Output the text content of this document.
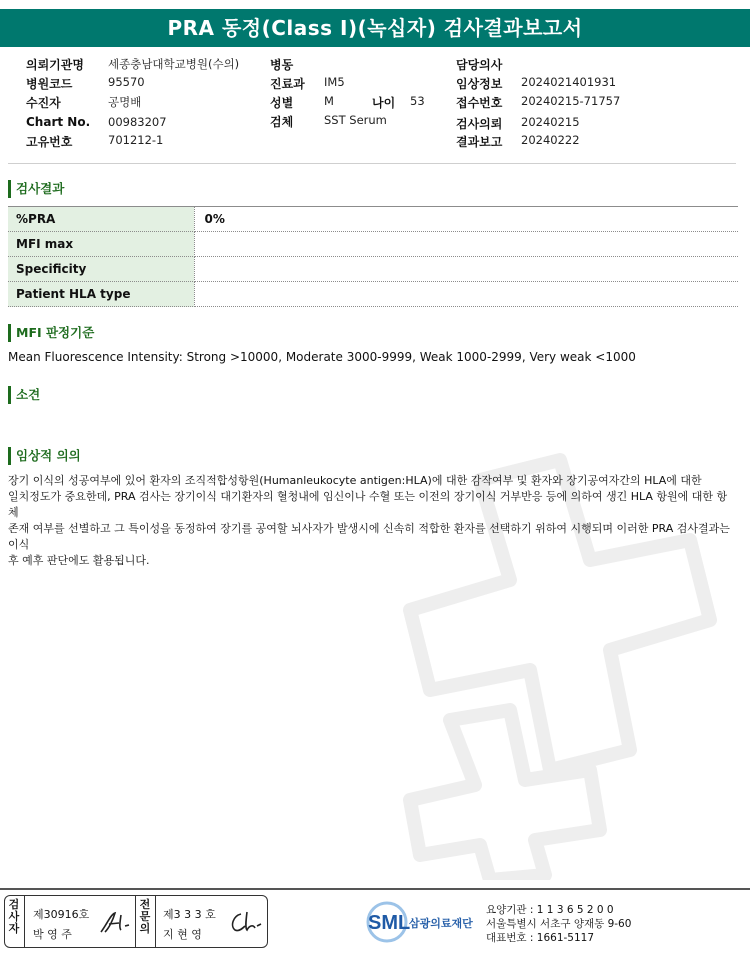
PRA 동정(Class I)(녹십자) 검사결과보고서
의뢰기관명 세종충남대학교병원(수의)
병원코드	95570
수진자	공명배
Chart No. 00983207
고유번호	701212-1
병동
진료과 IM5
성별	M	나이 53
검체	SST Serum
담당의사
임상정보 2024021401931
접수번호 20240215-71757
검사의뢰 20240215
결과보고 20240222
검사결과
%PRA	0%
MFI max	
Specificity	
Patient HLA type	
MFI 판정기준
Mean Fluorescence Intensity: Strong >10000, Moderate 3000-9999, Weak 1000-2999, Very weak <1000
소견
임상적 의의
장기 이식의 성공여부에 있어 환자의 조직적합성항원(Humanleukocyte antigen:HLA)에 대한 감작여부 및 환자와 장기공여자간의 HLA에 대한
일치정도가 중요한데, PRA 검사는 장기이식 대기환자의 혈청내에 임신이나 수혈 또는 이전의 장기이식 거부반응 등에 의하여 생긴 HLA 항원에 대한 항체
존재 여부를 선별하고 그 특이성을 동정하여 장기를 공여할 뇌사자가 발생시에 신속히 적합한 환자를 선택하기 위하여 시행되며 이러한 PRA 검사결과는 이식
후 예후 판단에도 활용됩니다.
검
사
자
제30916호
박 영 주
전
문
의
제3 3 3 호
지 현 영
SML
삼광의료재단
요양기관 : 1 1 3 6 5 2 0 0
서울특별시 서초구 양재동 9-60
대표번호 : 1661-5117
